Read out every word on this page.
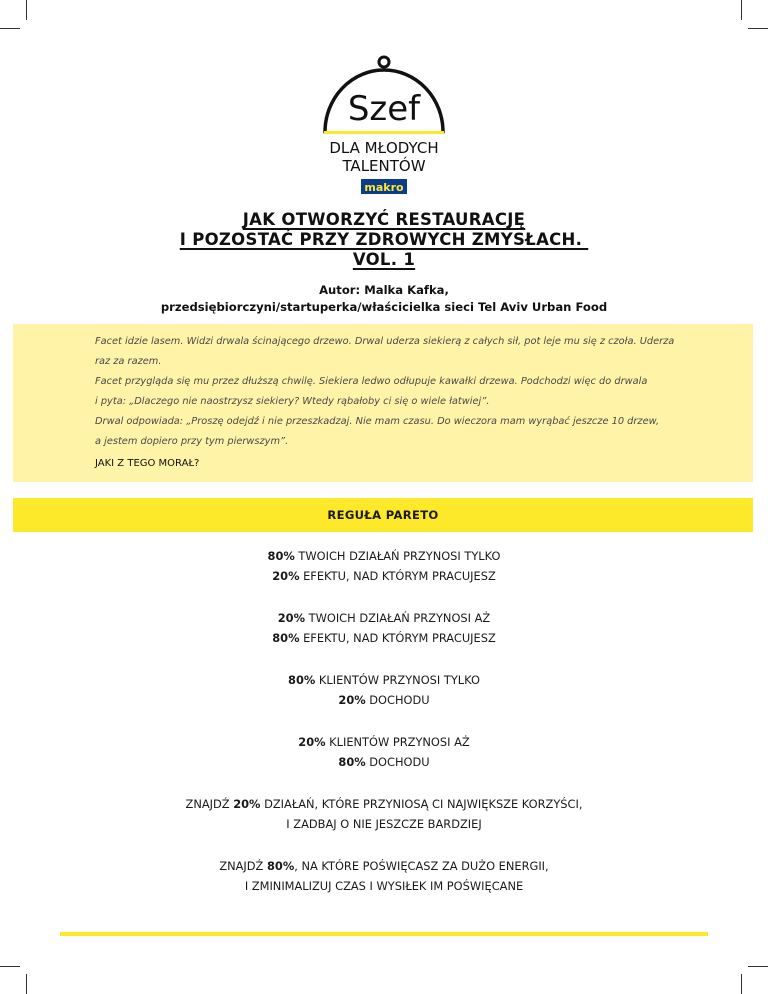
Szef
DLA MŁODYCH
TALENTÓW
makro
JAK OTWORZYĆ RESTAURACJĘ
I POZOSTAĆ PRZY ZDROWYCH ZMYSŁACH.
VOL. 1
Autor: Malka Kafka,
przedsiębiorczyni/startuperka/właścicielka sieci Tel Aviv Urban Food

Facet idzie lasem. Widzi drwala ścinającego drzewo. Drwal uderza siekierą z całych sił, pot leje mu się z czoła. Uderza

raz za razem.

Facet przygląda się mu przez dłuższą chwilę. Siekiera ledwo odłupuje kawałki drzewa. Podchodzi więc do drwala

i pyta: „Dlaczego nie naostrzysz siekiery? Wtedy rąbałoby ci się o wiele łatwiej”.

Drwal odpowiada: „Proszę odejdź i nie przeszkadzaj. Nie mam czasu. Do wieczora mam wyrąbać jeszcze 10 drzew,

a jestem dopiero przy tym pierwszym”.

JAKI Z TEGO MORAŁ?

REGUŁA PARETO
80% TWOICH DZIAŁAŃ PRZYNOSI TYLKO
20% EFEKTU, NAD KTÓRYM PRACUJESZ
20% TWOICH DZIAŁAŃ PRZYNOSI AŻ
80% EFEKTU, NAD KTÓRYM PRACUJESZ
80% KLIENTÓW PRZYNOSI TYLKO
20% DOCHODU
20% KLIENTÓW PRZYNOSI AŻ
80% DOCHODU
ZNAJDŹ 20% DZIAŁAŃ, KTÓRE PRZYNIOSĄ CI NAJWIĘKSZE KORZYŚCI,
I ZADBAJ O NIE JESZCZE BARDZIEJ
ZNAJDŹ 80%, NA KTÓRE POŚWIĘCASZ ZA DUŻO ENERGII,
I ZMINIMALIZUJ CZAS I WYSIŁEK IM POŚWIĘCANE
